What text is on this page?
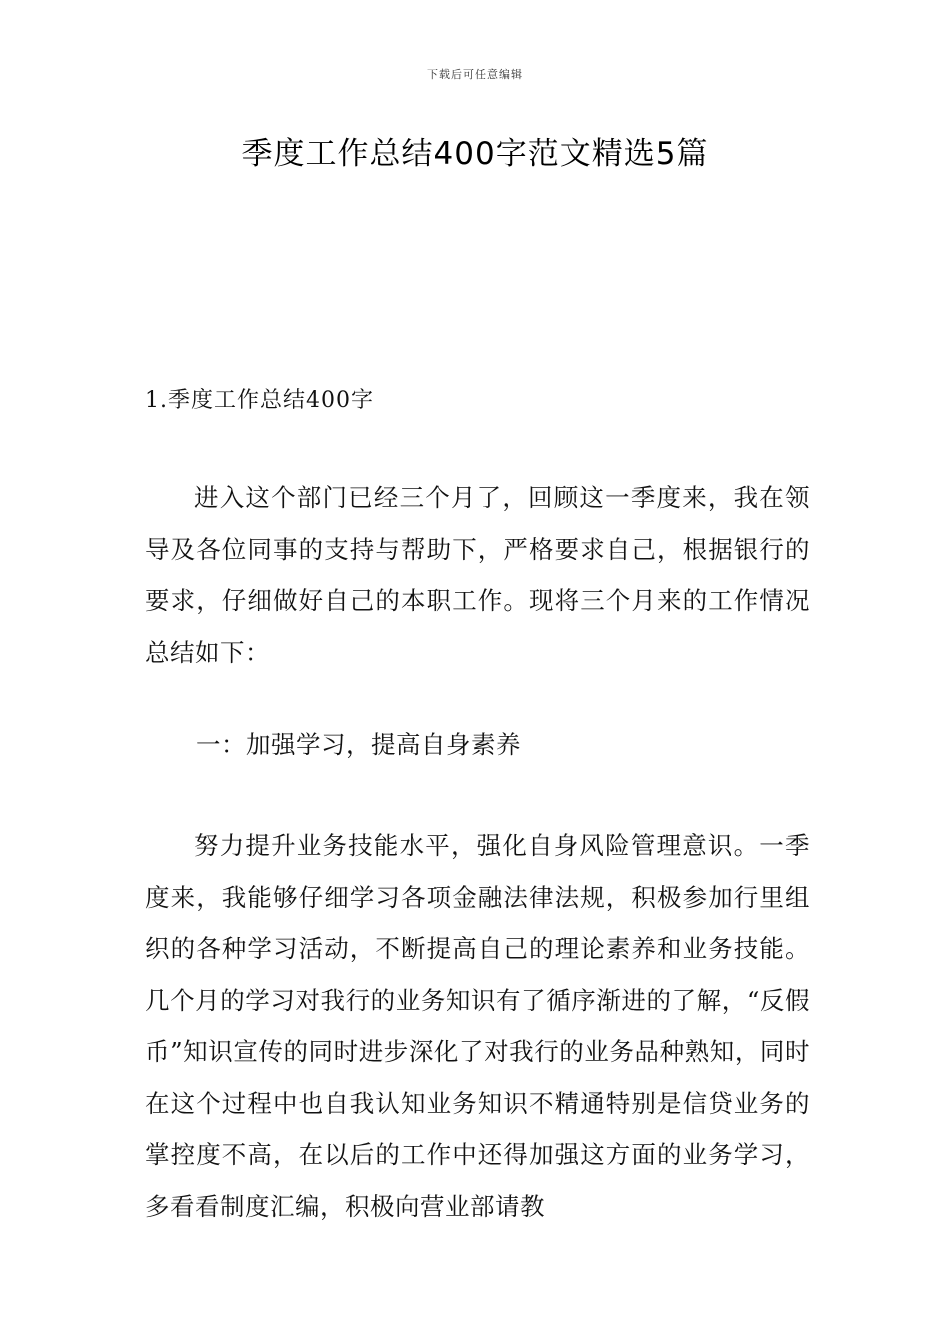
下载后可任意编辑
季度工作总结400字范文精选5篇
1.季度工作总结400字

进入这个部门已经三个月了，回顾这一季度来，我在领导及各位同事的支持与帮助下，严格要求自己，根据银行的要求，仔细做好自己的本职工作。现将三个月来的工作情况总结如下：

一：加强学习，提高自身素养

努力提升业务技能水平，强化自身风险管理意识。一季度来，我能够仔细学习各项金融法律法规，积极参加行里组织的各种学习活动，不断提高自己的理论素养和业务技能。几个月的学习对我行的业务知识有了循序渐进的了解，“反假 币”知识宣传的同时进步深化了对我行的业务品种熟知，同时在这个过程中也自我认知业务知识不精通特别是信贷业务的掌控度不高，在以后的工作中还得加强这方面的业务学习，多看看制度汇编，积极向营业部请教
